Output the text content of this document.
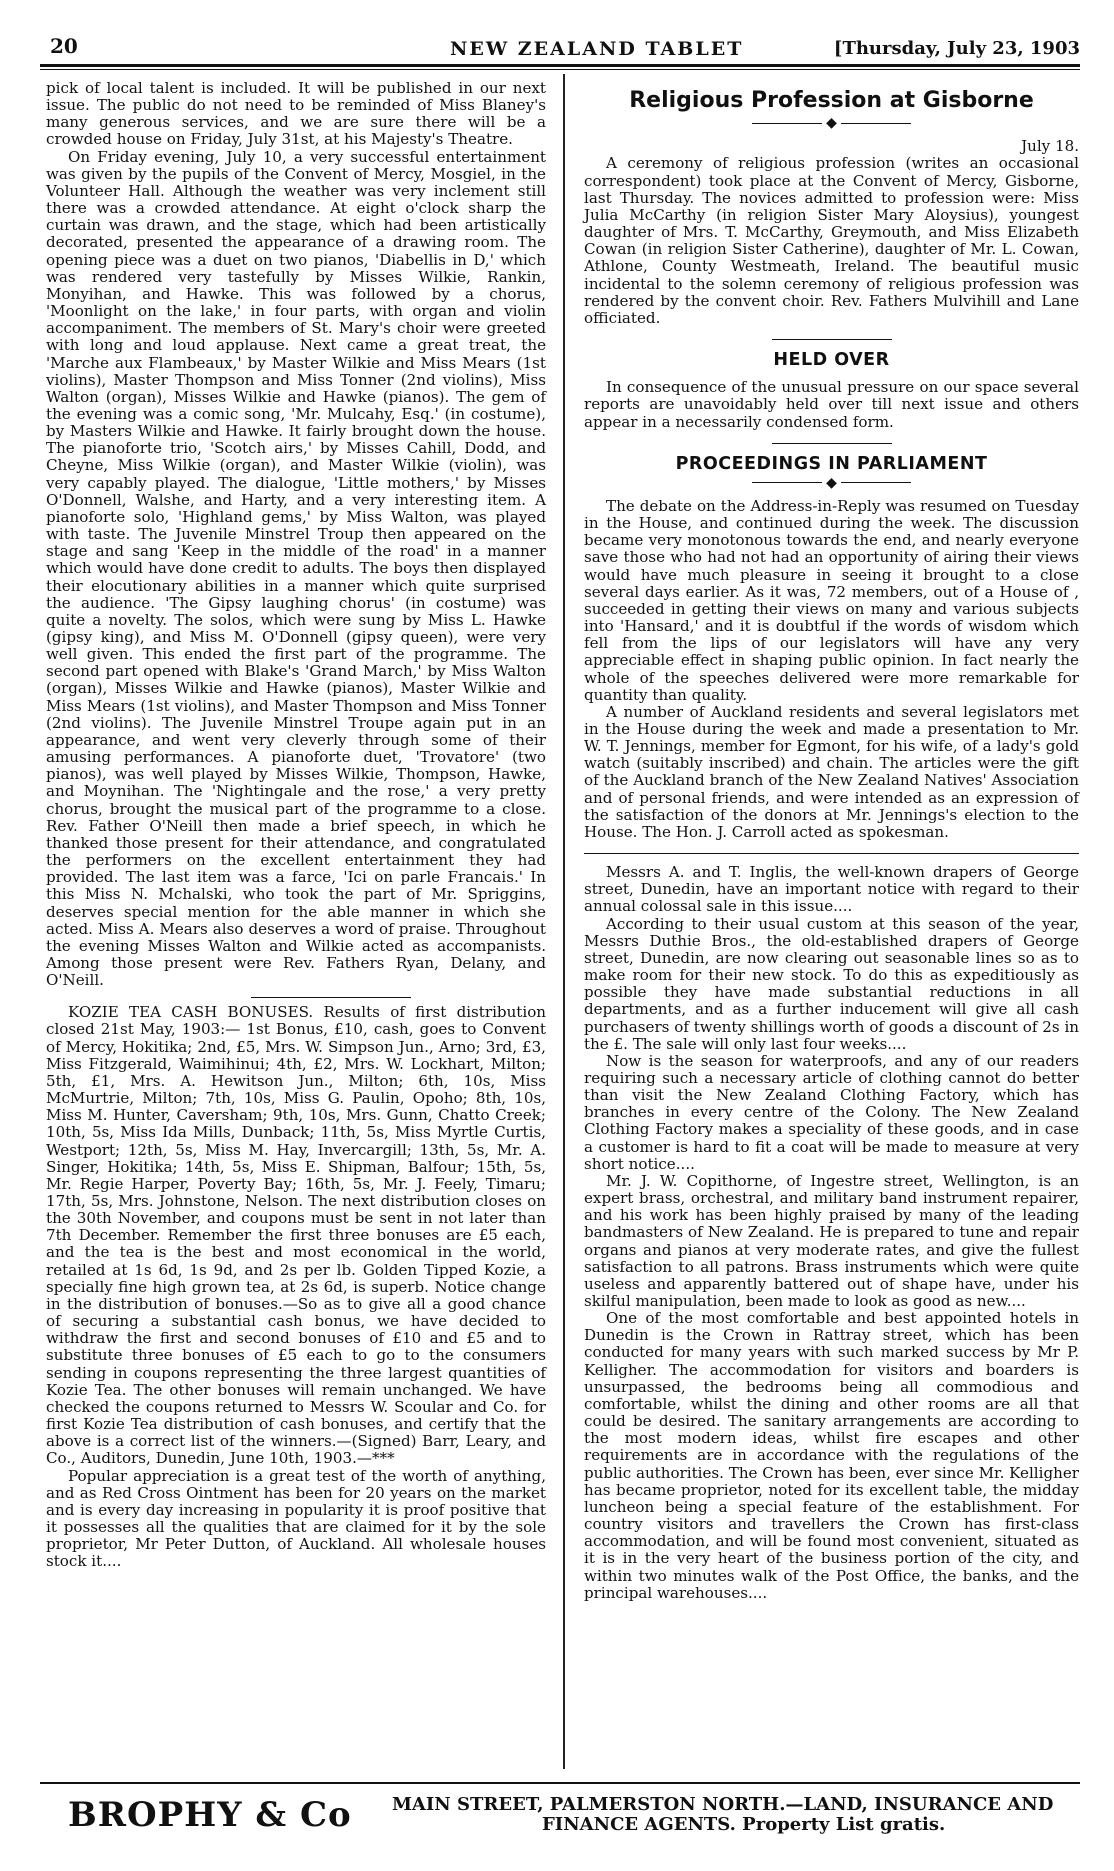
20	NEW ZEALAND TABLET	[Thursday, July 23, 1903

pick of local talent is included. It will be published in our next issue. The public do not need to be reminded of Miss Blaney's many generous services, and we are sure there will be a crowded house on Friday, July 31st, at his Majesty's Theatre.

On Friday evening, July 10, a very successful entertainment was given by the pupils of the Convent of Mercy, Mosgiel, in the Volunteer Hall. Although the weather was very inclement still there was a crowded attendance. At eight o'clock sharp the curtain was drawn, and the stage, which had been artistically decorated, presented the appearance of a drawing room. The opening piece was a duet on two pianos, 'Diabellis in D,' which was rendered very tastefully by Misses Wilkie, Rankin, Monyihan, and Hawke. This was followed by a chorus, 'Moonlight on the lake,' in four parts, with organ and violin accompaniment. The members of St. Mary's choir were greeted with long and loud applause. Next came a great treat, the 'Marche aux Flambeaux,' by Master Wilkie and Miss Mears (1st violins), Master Thompson and Miss Tonner (2nd violins), Miss Walton (organ), Misses Wilkie and Hawke (pianos). The gem of the evening was a comic song, 'Mr. Mulcahy, Esq.' (in costume), by Masters Wilkie and Hawke. It fairly brought down the house. The pianoforte trio, 'Scotch airs,' by Misses Cahill, Dodd, and Cheyne, Miss Wilkie (organ), and Master Wilkie (violin), was very capably played. The dialogue, 'Little mothers,' by Misses O'Donnell, Walshe, and Harty, and a very interesting item. A pianoforte solo, 'Highland gems,' by Miss Walton, was played with taste. The Juvenile Minstrel Troup then appeared on the stage and sang 'Keep in the middle of the road' in a manner which would have done credit to adults. The boys then displayed their elocutionary abilities in a manner which quite surprised the audience. 'The Gipsy laughing chorus' (in costume) was quite a novelty. The solos, which were sung by Miss L. Hawke (gipsy king), and Miss M. O'Donnell (gipsy queen), were very well given. This ended the first part of the programme. The second part opened with Blake's 'Grand March,' by Miss Walton (organ), Misses Wilkie and Hawke (pianos), Master Wilkie and Miss Mears (1st violins), and Master Thompson and Miss Tonner (2nd violins). The Juvenile Minstrel Troupe again put in an appearance, and went very cleverly through some of their amusing performances. A pianoforte duet, 'Trovatore' (two pianos), was well played by Misses Wilkie, Thompson, Hawke, and Moynihan. The 'Nightingale and the rose,' a very pretty chorus, brought the musical part of the programme to a close. Rev. Father O'Neill then made a brief speech, in which he thanked those present for their attendance, and congratulated the performers on the excellent entertainment they had provided. The last item was a farce, 'Ici on parle Francais.' In this Miss N. Mchalski, who took the part of Mr. Spriggins, deserves special mention for the able manner in which she acted. Miss A. Mears also deserves a word of praise. Throughout the evening Misses Walton and Wilkie acted as accompanists. Among those present were Rev. Fathers Ryan, Delany, and O'Neill.

KOZIE TEA CASH BONUSES. Results of first distribution closed 21st May, 1903:— 1st Bonus, £10, cash, goes to Convent of Mercy, Hokitika; 2nd, £5, Mrs. W. Simpson Jun., Arno; 3rd, £3, Miss Fitzgerald, Waimihinui; 4th, £2, Mrs. W. Lockhart, Milton; 5th, £1, Mrs. A. Hewitson Jun., Milton; 6th, 10s, Miss McMurtrie, Milton; 7th, 10s, Miss G. Paulin, Opoho; 8th, 10s, Miss M. Hunter, Caversham; 9th, 10s, Mrs. Gunn, Chatto Creek; 10th, 5s, Miss Ida Mills, Dunback; 11th, 5s, Miss Myrtle Curtis, Westport; 12th, 5s, Miss M. Hay, Invercargill; 13th, 5s, Mr. A. Singer, Hokitika; 14th, 5s, Miss E. Shipman, Balfour; 15th, 5s, Mr. Regie Harper, Poverty Bay; 16th, 5s, Mr. J. Feely, Timaru; 17th, 5s, Mrs. Johnstone, Nelson. The next distribution closes on the 30th November, and coupons must be sent in not later than 7th December. Remember the first three bonuses are £5 each, and the tea is the best and most economical in the world, retailed at 1s 6d, 1s 9d, and 2s per lb. Golden Tipped Kozie, a specially fine high grown tea, at 2s 6d, is superb. Notice change in the distribution of bonuses.—So as to give all a good chance of securing a substantial cash bonus, we have decided to withdraw the first and second bonuses of £10 and £5 and to substitute three bonuses of £5 each to go to the consumers sending in coupons representing the three largest quantities of Kozie Tea. The other bonuses will remain unchanged. We have checked the coupons returned to Messrs W. Scoular and Co. for first Kozie Tea distribution of cash bonuses, and certify that the above is a correct list of the winners.—(Signed) Barr, Leary, and Co., Auditors, Dunedin, June 10th, 1903.—***

Popular appreciation is a great test of the worth of anything, and as Red Cross Ointment has been for 20 years on the market and is every day increasing in popularity it is proof positive that it possesses all the qualities that are claimed for it by the sole proprietor, Mr Peter Dutton, of Auckland. All wholesale houses stock it....

Religious Profession at Gisborne
◆

July 18.

A ceremony of religious profession (writes an occasional correspondent) took place at the Convent of Mercy, Gisborne, last Thursday. The novices admitted to profession were: Miss Julia McCarthy (in religion Sister Mary Aloysius), youngest daughter of Mrs. T. McCarthy, Greymouth, and Miss Elizabeth Cowan (in religion Sister Catherine), daughter of Mr. L. Cowan, Athlone, County Westmeath, Ireland. The beautiful music incidental to the solemn ceremony of religious profession was rendered by the convent choir. Rev. Fathers Mulvihill and Lane officiated.

HELD OVER

In consequence of the unusual pressure on our space several reports are unavoidably held over till next issue and others appear in a necessarily condensed form.

PROCEEDINGS IN PARLIAMENT
◆

The debate on the Address-in-Reply was resumed on Tuesday in the House, and continued during the week. The discussion became very monotonous towards the end, and nearly everyone save those who had not had an opportunity of airing their views would have much pleasure in seeing it brought to a close several days earlier. As it was, 72 members, out of a House of , succeeded in getting their views on many and various subjects into 'Hansard,' and it is doubtful if the words of wisdom which fell from the lips of our legislators will have any very appreciable effect in shaping public opinion. In fact nearly the whole of the speeches delivered were more remarkable for quantity than quality.

A number of Auckland residents and several legislators met in the House during the week and made a presentation to Mr. W. T. Jennings, member for Egmont, for his wife, of a lady's gold watch (suitably inscribed) and chain. The articles were the gift of the Auckland branch of the New Zealand Natives' Association and of personal friends, and were intended as an expression of the satisfaction of the donors at Mr. Jennings's election to the House. The Hon. J. Carroll acted as spokesman.

Messrs A. and T. Inglis, the well-known drapers of George street, Dunedin, have an important notice with regard to their annual colossal sale in this issue....

According to their usual custom at this season of the year, Messrs Duthie Bros., the old-established drapers of George street, Dunedin, are now clearing out seasonable lines so as to make room for their new stock. To do this as expeditiously as possible they have made substantial reductions in all departments, and as a further inducement will give all cash purchasers of twenty shillings worth of goods a discount of 2s in the £. The sale will only last four weeks....

Now is the season for waterproofs, and any of our readers requiring such a necessary article of clothing cannot do better than visit the New Zealand Clothing Factory, which has branches in every centre of the Colony. The New Zealand Clothing Factory makes a speciality of these goods, and in case a customer is hard to fit a coat will be made to measure at very short notice....

Mr. J. W. Copithorne, of Ingestre street, Wellington, is an expert brass, orchestral, and military band instrument repairer, and his work has been highly praised by many of the leading bandmasters of New Zealand. He is prepared to tune and repair organs and pianos at very moderate rates, and give the fullest satisfaction to all patrons. Brass instruments which were quite useless and apparently battered out of shape have, under his skilful manipulation, been made to look as good as new....

One of the most comfortable and best appointed hotels in Dunedin is the Crown in Rattray street, which has been conducted for many years with such marked success by Mr P. Kelligher. The accommodation for visitors and boarders is unsurpassed, the bedrooms being all commodious and comfortable, whilst the dining and other rooms are all that could be desired. The sanitary arrangements are according to the most modern ideas, whilst fire escapes and other requirements are in accordance with the regulations of the public authorities. The Crown has been, ever since Mr. Kelligher has became proprietor, noted for its excellent table, the midday luncheon being a special feature of the establishment. For country visitors and travellers the Crown has first-class accommodation, and will be found most convenient, situated as it is in the very heart of the business portion of the city, and within two minutes walk of the Post Office, the banks, and the principal warehouses....

BROPHY & Co MAIN STREET, PALMERSTON NORTH.—LAND, INSURANCE AND
FINANCE AGENTS. Property List gratis.
